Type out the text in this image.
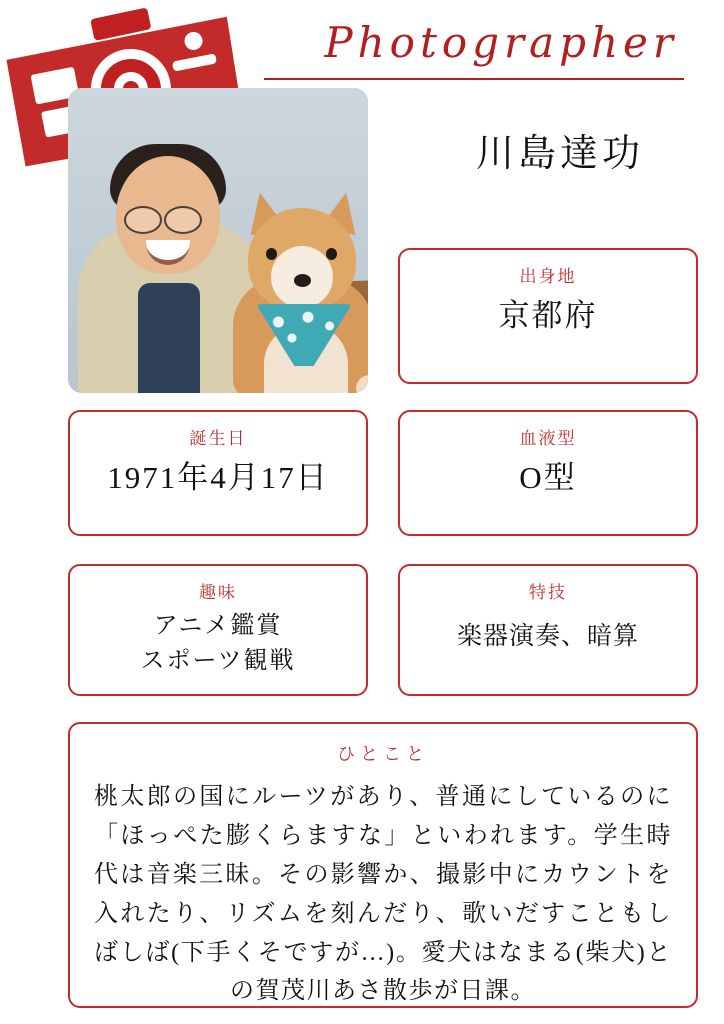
Photographer
川島達功
出身地
京都府
誕生日
1971年4月17日
血液型
O型
趣味
アニメ鑑賞
スポーツ観戦
特技
楽器演奏、暗算
ひとこと
桃太郎の国にルーツがあり、普通にしているのに「ほっぺた膨くらますな」といわれます。学生時代は音楽三昧。その影響か、撮影中にカウントを入れたり、リズムを刻んだり、歌いだすこともしばしば(下手くそですが…)。愛犬はなまる(柴犬)との賀茂川あさ散歩が日課。
